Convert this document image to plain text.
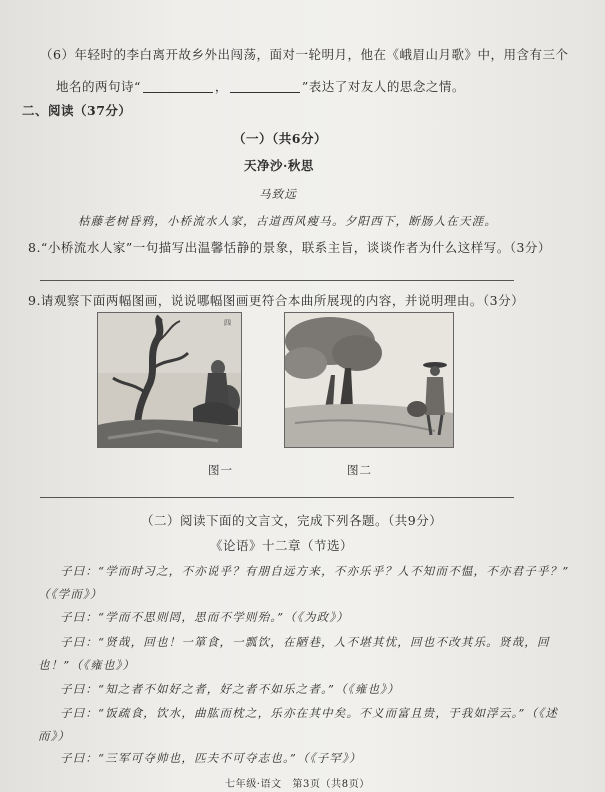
（6）年轻时的李白离开故乡外出闯荡，面对一轮明月，他在《峨眉山月歌》中，用含有三个
地名的两句诗“	，	”表达了对友人的思念之情。
二、阅读（37分）
（一）（共6分）
天净沙·秋思
马致远
枯藤老树昏鸦，小桥流水人家，古道西风瘦马。夕阳西下，断肠人在天涯。
8.“小桥流水人家”一句描写出温馨恬静的景象，联系主旨，谈谈作者为什么这样写。（3分）
9.请观察下面两幅图画，说说哪幅图画更符合本曲所展现的内容，并说明理由。（3分）
四
图一	图二
（二）阅读下面的文言文，完成下列各题。（共9分）
《论语》十二章（节选）
子曰：“学而时习之，不亦说乎？有朋自远方来，不亦乐乎？人不知而不愠，不亦君子乎？”
（《学而》）
子曰：“学而不思则罔，思而不学则殆。”（《为政》）
子曰：“贤哉，回也！一箪食，一瓢饮，在陋巷，人不堪其忧，回也不改其乐。贤哉，回
也！”（《雍也》）
子曰：“知之者不如好之者，好之者不如乐之者。”（《雍也》）
子曰：“饭疏食，饮水，曲肱而枕之，乐亦在其中矣。不义而富且贵，于我如浮云。”（《述
而》）
子曰：“三军可夺帅也，匹夫不可夺志也。”（《子罕》）
七年级·语文　第3页（共8页）
